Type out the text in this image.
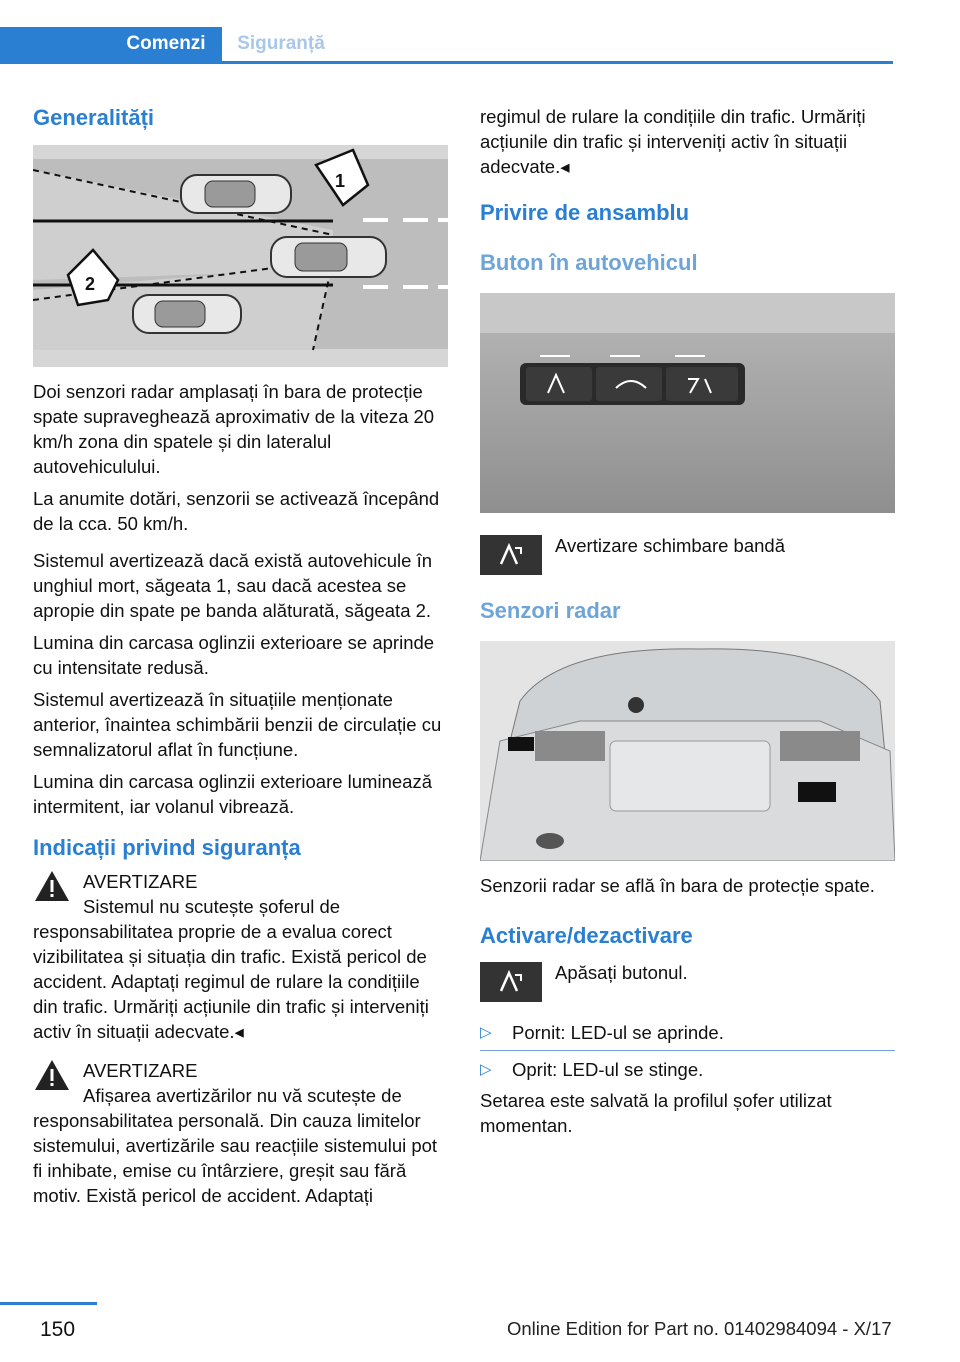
Comenzi	Siguranță
Generalități
1
2

Doi senzori radar amplasați în bara de protecție spate supraveghează aproximativ de la viteza 20 km/h zona din spatele și din lateralul autovehiculului.

La anumite dotări, senzorii se activează începând de la cca. 50 km/h.

Sistemul avertizează dacă există autovehicule în unghiul mort, săgeata 1, sau dacă acestea se apropie din spate pe banda alăturată, săgeata 2.

Lumina din carcasa oglinzii exterioare se aprinde cu intensitate redusă.

Sistemul avertizează în situațiile menționate anterior, înaintea schimbării benzii de circulație cu semnalizatorul aflat în funcțiune.

Lumina din carcasa oglinzii exterioare luminează intermitent, iar volanul vibrează.

Indicații privind siguranța

AVERTIZARE

Sistemul nu scutește șoferul de responsabilitatea proprie de a evalua corect vizibilitatea și situația din trafic. Există pericol de accident. Adaptați regimul de rulare la condițiile din trafic. Urmăriți acțiunile din trafic și interveniți activ în situații adecvate.◂

AVERTIZARE

Afișarea avertizărilor nu vă scutește de responsabilitatea personală. Din cauza limitelor sistemului, avertizările sau reacțiile sistemului pot fi inhibate, emise cu întârziere, greșit sau fără motiv. Există pericol de accident. Adaptați

regimul de rulare la condițiile din trafic. Urmăriți acțiunile din trafic și interveniți activ în situații adecvate.◂

Privire de ansamblu
Buton în autovehicul

Avertizare schimbare bandă

Senzori radar

Senzorii radar se află în bara de protecție spate.

Activare/dezactivare

Apăsați butonul.

▷ Pornit: LED-ul se aprinde.
▷ Oprit: LED-ul se stinge.

Setarea este salvată la profilul șofer utilizat momentan.

150	Online Edition for Part no. 01402984094 - X/17
